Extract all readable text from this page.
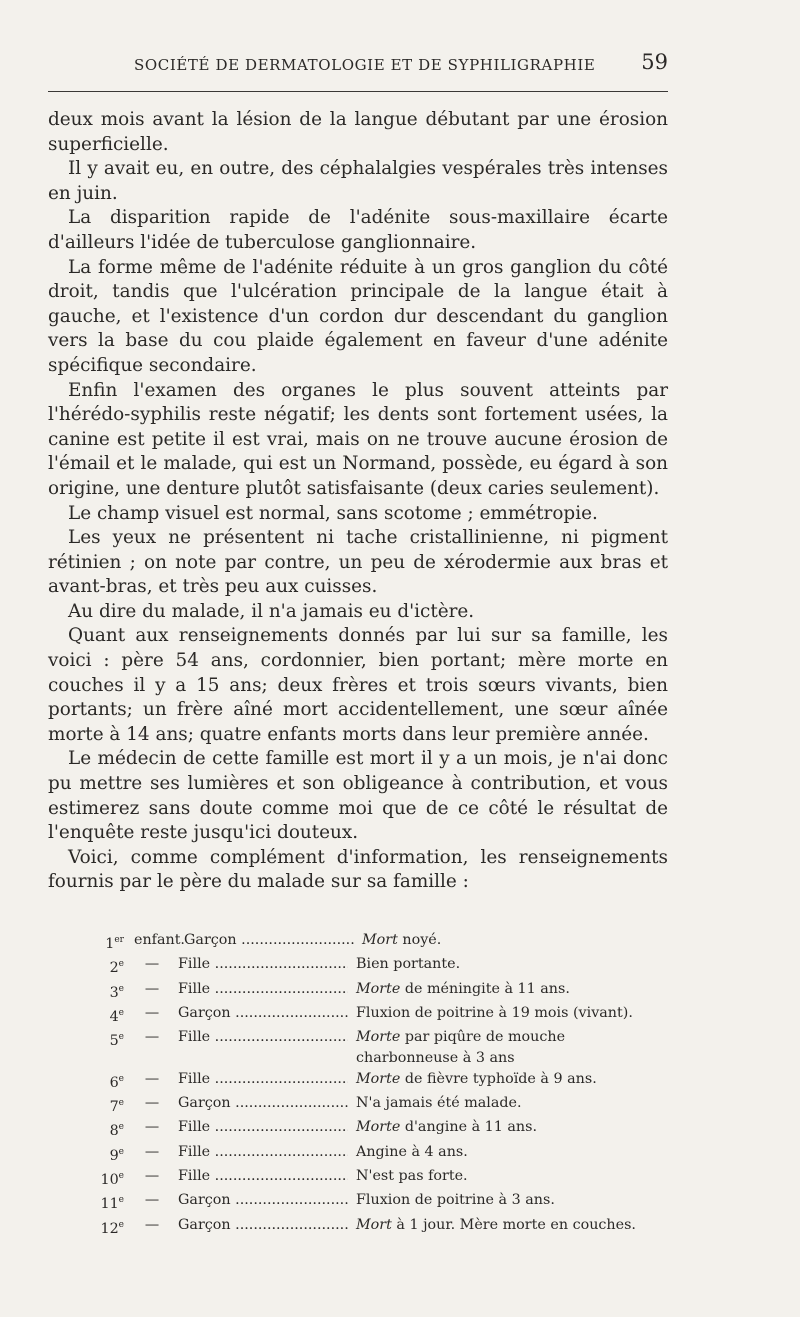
SOCIÉTÉ DE DERMATOLOGIE ET DE SYPHILIGRAPHIE 59

deux mois avant la lésion de la langue débutant par une érosion superficielle.

Il y avait eu, en outre, des céphalalgies vespérales très intenses en juin.

La disparition rapide de l'adénite sous-maxillaire écarte d'ailleurs l'idée de tuberculose ganglionnaire.

La forme même de l'adénite réduite à un gros ganglion du côté droit, tandis que l'ulcération principale de la langue était à gauche, et l'existence d'un cordon dur descendant du ganglion vers la base du cou plaide également en faveur d'une adénite spécifique secondaire.

Enfin l'examen des organes le plus souvent atteints par l'hérédo-syphilis reste négatif; les dents sont fortement usées, la canine est petite il est vrai, mais on ne trouve aucune érosion de l'émail et le malade, qui est un Normand, possède, eu égard à son origine, une denture plutôt satisfaisante (deux caries seulement).

Le champ visuel est normal, sans scotome ; emmétropie.

Les yeux ne présentent ni tache cristallinienne, ni pigment rétinien ; on note par contre, un peu de xérodermie aux bras et avant-bras, et très peu aux cuisses.

Au dire du malade, il n'a jamais eu d'ictère.

Quant aux renseignements donnés par lui sur sa famille, les voici : père 54 ans, cordonnier, bien portant; mère morte en couches il y a 15 ans; deux frères et trois sœurs vivants, bien portants; un frère aîné mort accidentellement, une sœur aînée morte à 14 ans; quatre enfants morts dans leur première année.

Le médecin de cette famille est mort il y a un mois, je n'ai donc pu mettre ses lumières et son obligeance à contribution, et vous estimerez sans doute comme moi que de ce côté le résultat de l'enquête reste jusqu'ici douteux.

Voici, comme complément d'information, les renseignements fournis par le père du malade sur sa famille :

1er enfant. Garçon .....	Mort noyé.
2e	—	Fille .....	Bien portante.
3e	—	Fille .....	Morte de méningite à 11 ans.
4e	—	Garçon .....	Fluxion de poitrine à 19 mois (vivant).
5e	—	Fille .....	Morte par piqûre de mouche charbonneuse à 3 ans
6e	—	Fille .....	Morte de fièvre typhoïde à 9 ans.
7e	—	Garçon .....	N'a jamais été malade.
8e	—	Fille .....	Morte d'angine à 11 ans.
9e	—	Fille .....	Angine à 4 ans.
10e	—	Fille .....	N'est pas forte.
11e	—	Garçon .....	Fluxion de poitrine à 3 ans.
12e	—	Garçon .....	Mort à 1 jour. Mère morte en couches.
